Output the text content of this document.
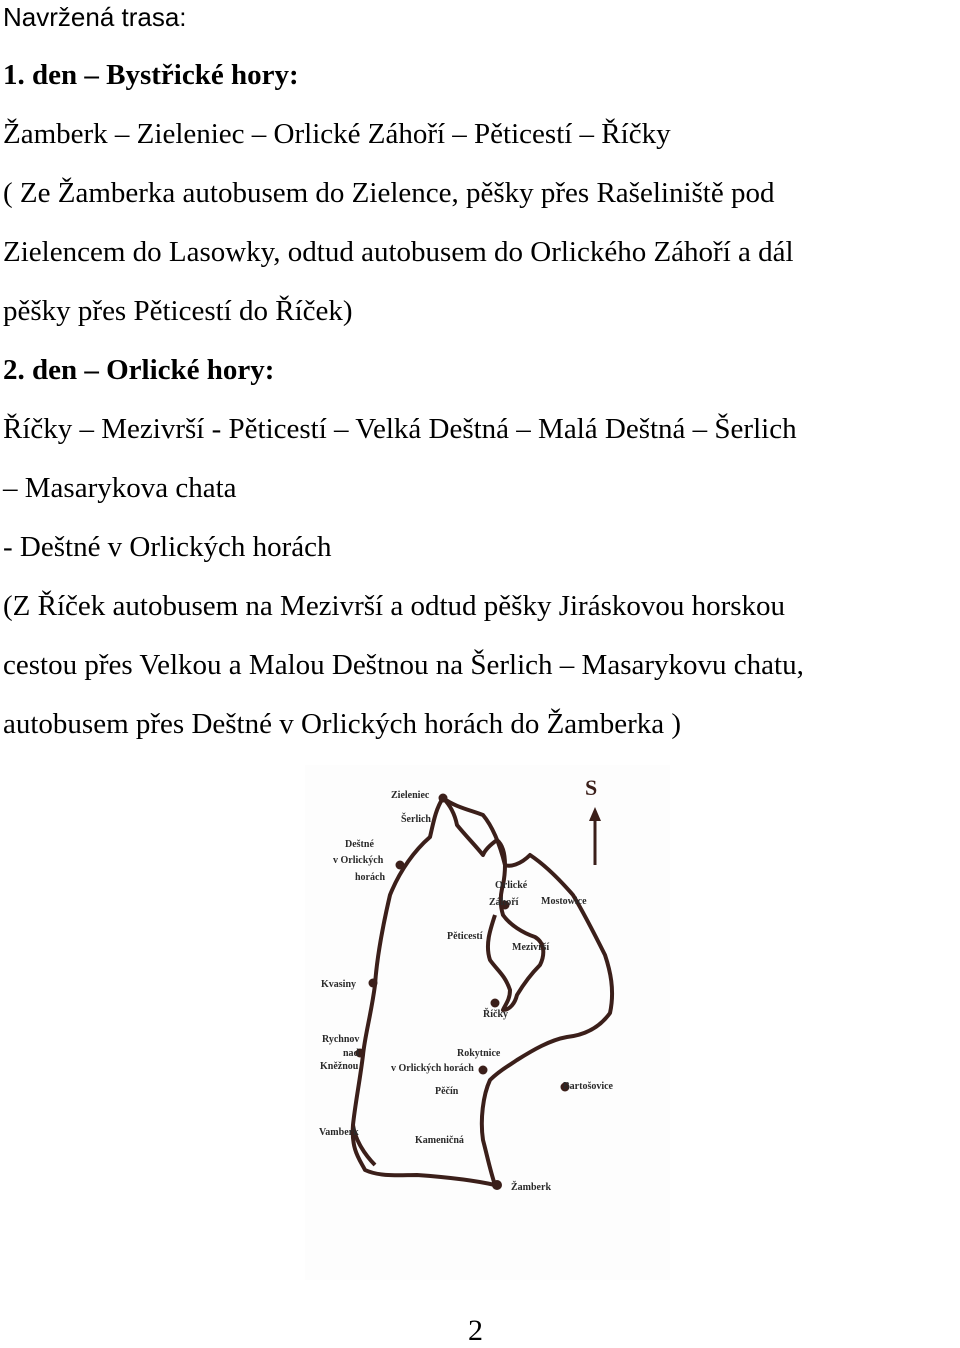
Navržená trasa:
1. den – Bystřické hory:
Žamberk – Zieleniec – Orlické Záhoří – Pěticestí – Říčky
( Ze Žamberka autobusem do Zielence, pěšky přes Rašeliniště pod
Zielencem do Lasowky, odtud autobusem do Orlického Záhoří a dál
pěšky přes Pěticestí do Říček)
2. den – Orlické hory:
Říčky – Mezivrší - Pěticestí – Velká Deštná – Malá Deštná – Šerlich
– Masarykova chata
- Deštné v Orlických horách
(Z Říček autobusem na Mezivrší a odtud pěšky Jiráskovou horskou
cestou přes Velkou a Malou Deštnou na Šerlich – Masarykovu chatu,
autobusem přes Deštné v Orlických horách do Žamberka )
S
Zieleniec
Šerlich
Deštné
v Orlických
horách
Orlické
Záhoří Mostowice
Pěticestí
Mezivrší
Kvasiny
Říčky
Rychnov
nad
Kněžnou
Rokytnice
v Orlických horách
Pěčín	Bartošovice
Vamberk
Kameničná
Žamberk
2
